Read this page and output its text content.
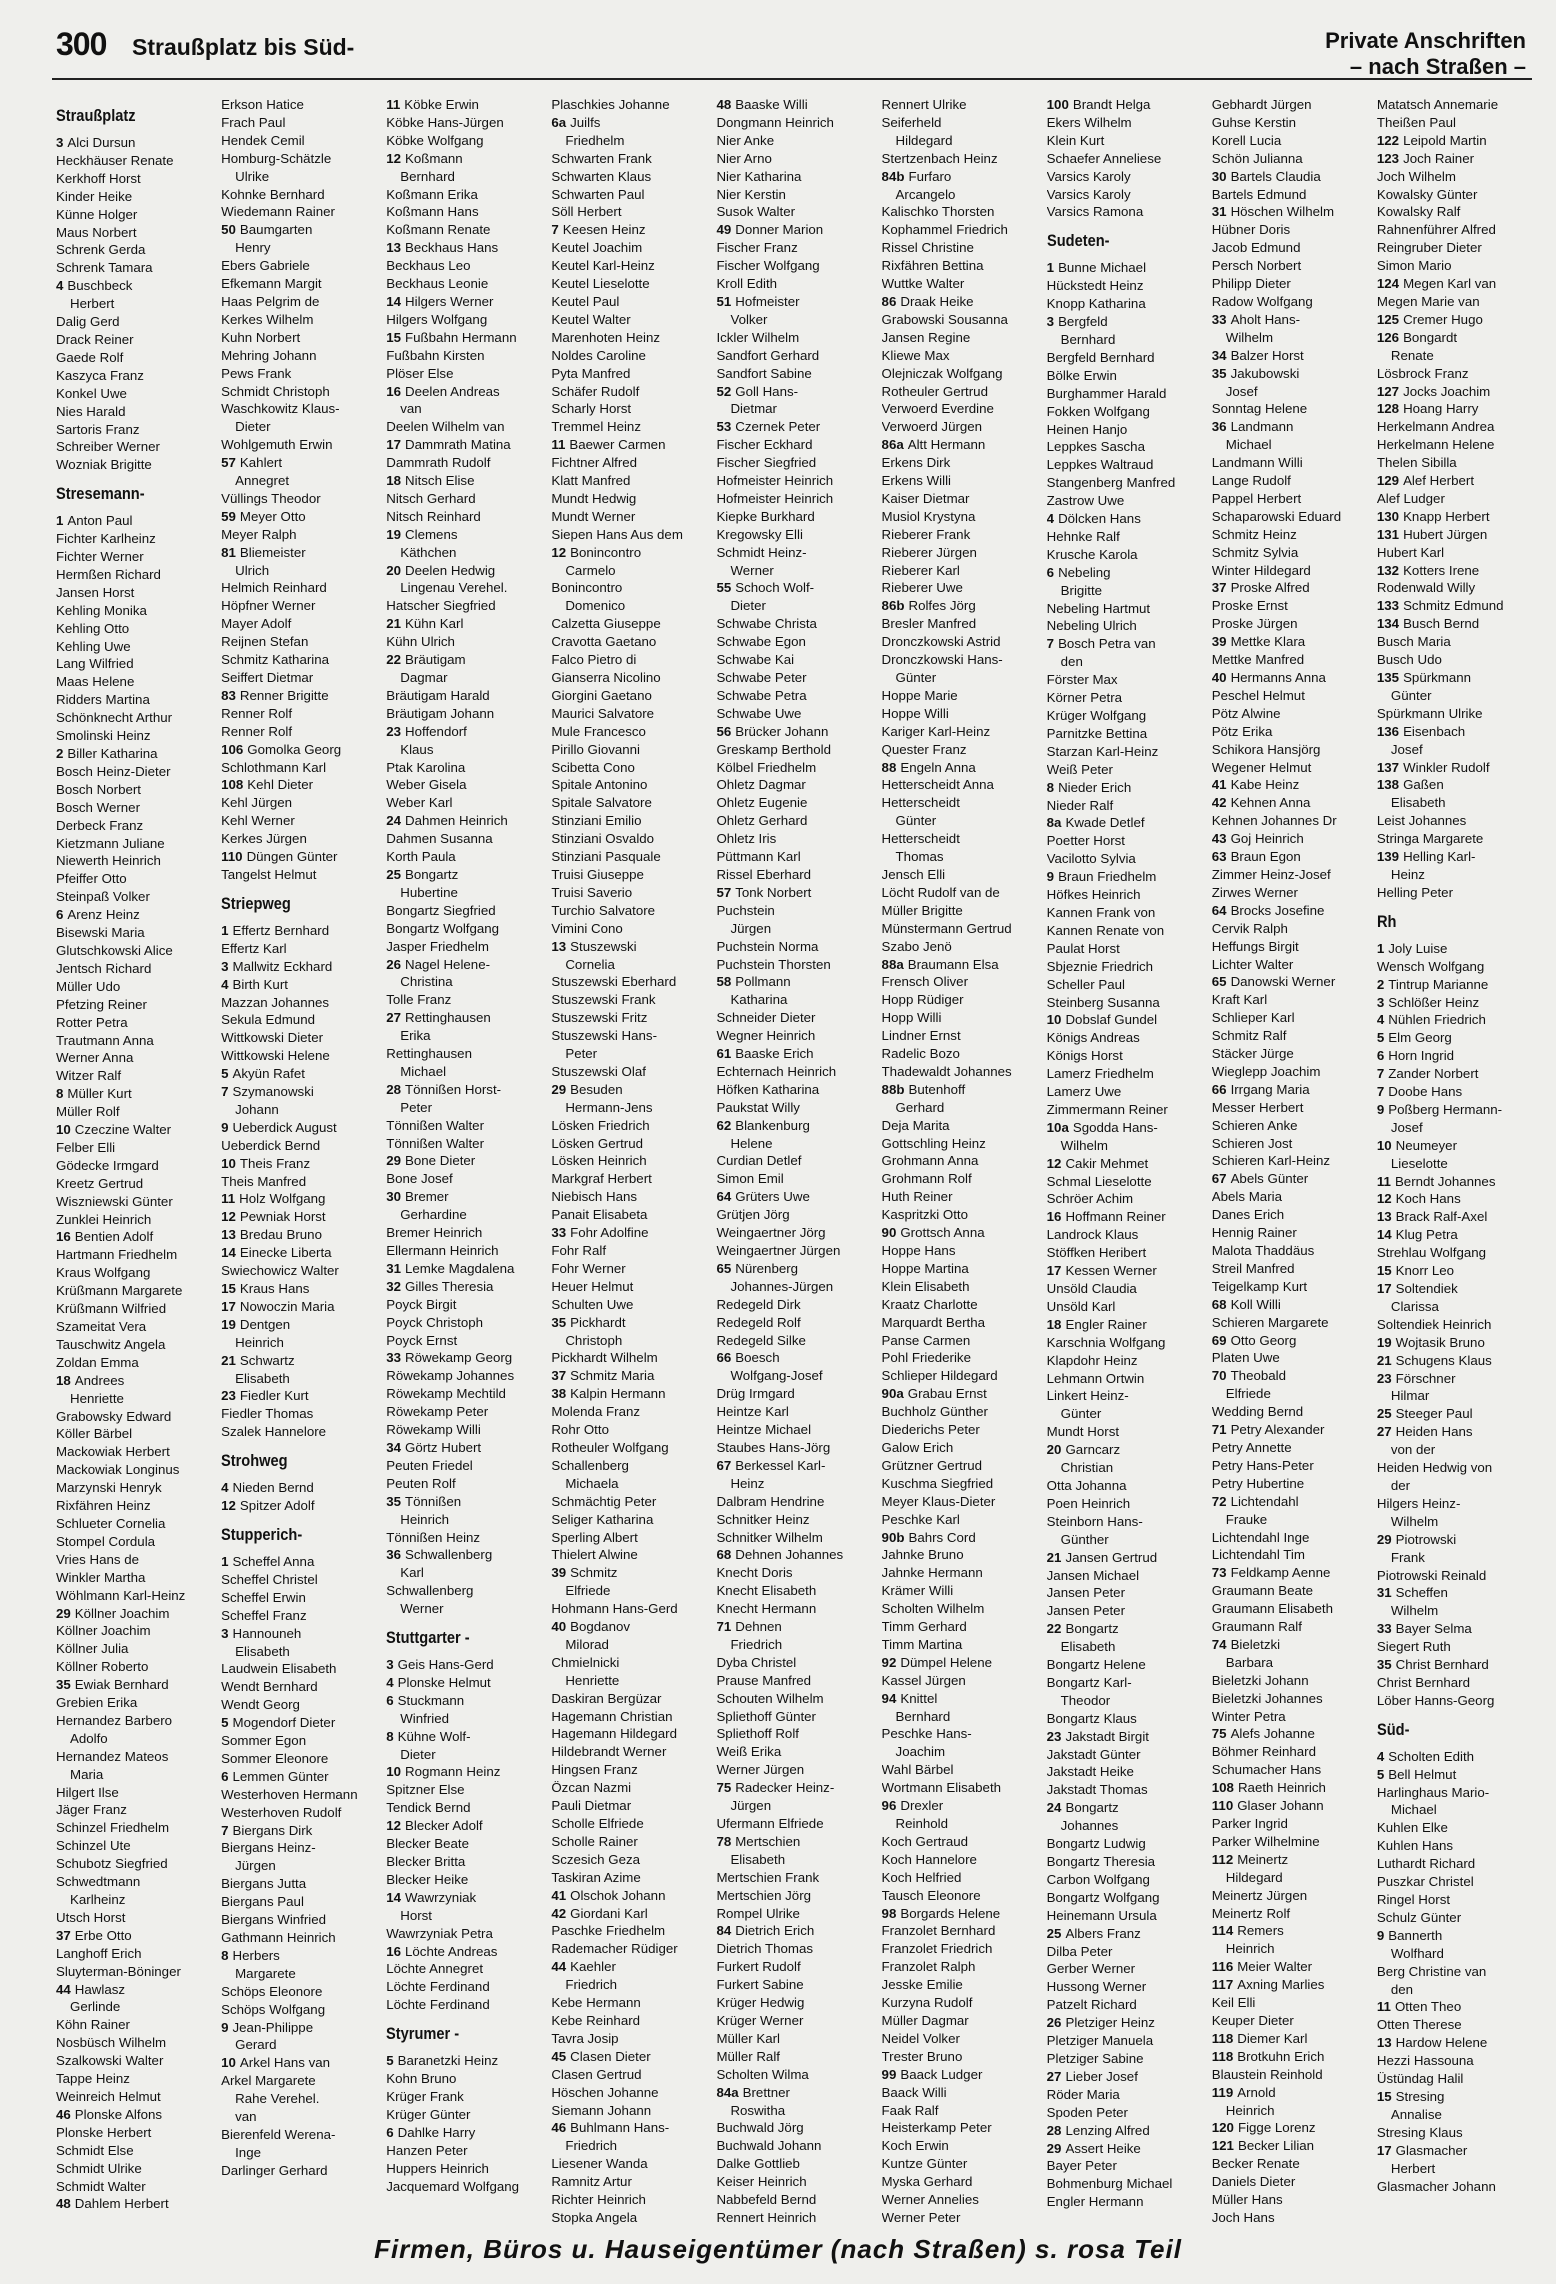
300 Straußplatz bis Süd-	Private Anschriften
– nach Straßen –
Straußplatz
3 Alci Dursun
Heckhäuser Renate
Kerkhoff Horst
Kinder Heike
Künne Holger
Maus Norbert
Schrenk Gerda
Schrenk Tamara
4 Buschbeck
Herbert
Dalig Gerd
Drack Reiner
Gaede Rolf
Kaszyca Franz
Konkel Uwe
Nies Harald
Sartoris Franz
Schreiber Werner
Wozniak Brigitte
Stresemann-
1 Anton Paul
Fichter Karlheinz
Fichter Werner
Hermßen Richard
Jansen Horst
Kehling Monika
Kehling Otto
Kehling Uwe
Lang Wilfried
Maas Helene
Ridders Martina
Schönknecht Arthur
Smolinski Heinz
2 Biller Katharina
Bosch Heinz-Dieter
Bosch Norbert
Bosch Werner
Derbeck Franz
Kietzmann Juliane
Niewerth Heinrich
Pfeiffer Otto
Steinpaß Volker
6 Arenz Heinz
Bisewski Maria
Glutschkowski Alice
Jentsch Richard
Müller Udo
Pfetzing Reiner
Rotter Petra
Trautmann Anna
Werner Anna
Witzer Ralf
8 Müller Kurt
Müller Rolf
10 Czeczine Walter
Felber Elli
Gödecke Irmgard
Kreetz Gertrud
Wiszniewski Günter
Zunklei Heinrich
16 Bentien Adolf
Hartmann Friedhelm
Kraus Wolfgang
Krüßmann Margarete
Krüßmann Wilfried
Szameitat Vera
Tauschwitz Angela
Zoldan Emma
18 Andrees
Henriette
Grabowsky Edward
Köller Bärbel
Mackowiak Herbert
Mackowiak Longinus
Marzynski Henryk
Rixfähren Heinz
Schlueter Cornelia
Stompel Cordula
Vries Hans de
Winkler Martha
Wöhlmann Karl-Heinz
29 Köllner Joachim
Köllner Joachim
Köllner Julia
Köllner Roberto
35 Ewiak Bernhard
Grebien Erika
Hernandez Barbero
Adolfo
Hernandez Mateos
Maria
Hilgert Ilse
Jäger Franz
Schinzel Friedhelm
Schinzel Ute
Schubotz Siegfried
Schwedtmann
Karlheinz
Utsch Horst
37 Erbe Otto
Langhoff Erich
Sluyterman-Böninger
44 Hawlasz
Gerlinde
Köhn Rainer
Nosbüsch Wilhelm
Szalkowski Walter
Tappe Heinz
Weinreich Helmut
46 Plonske Alfons
Plonske Herbert
Schmidt Else
Schmidt Ulrike
Schmidt Walter
48 Dahlem Herbert
Erkson Hatice
Frach Paul
Hendek Cemil
Homburg-Schätzle
Ulrike
Kohnke Bernhard
Wiedemann Rainer
50 Baumgarten
Henry
Ebers Gabriele
Efkemann Margit
Haas Pelgrim de
Kerkes Wilhelm
Kuhn Norbert
Mehring Johann
Pews Frank
Schmidt Christoph
Waschkowitz Klaus-
Dieter
Wohlgemuth Erwin
57 Kahlert
Annegret
Vüllings Theodor
59 Meyer Otto
Meyer Ralph
81 Bliemeister
Ulrich
Helmich Reinhard
Höpfner Werner
Mayer Adolf
Reijnen Stefan
Schmitz Katharina
Seiffert Dietmar
83 Renner Brigitte
Renner Rolf
Renner Rolf
106 Gomolka Georg
Schlothmann Karl
108 Kehl Dieter
Kehl Jürgen
Kehl Werner
Kerkes Jürgen
110 Düngen Günter
Tangelst Helmut
Striepweg
1 Effertz Bernhard
Effertz Karl
3 Mallwitz Eckhard
4 Birth Kurt
Mazzan Johannes
Sekula Edmund
Wittkowski Dieter
Wittkowski Helene
5 Akyün Rafet
7 Szymanowski
Johann
9 Ueberdick August
Ueberdick Bernd
10 Theis Franz
Theis Manfred
11 Holz Wolfgang
12 Pewniak Horst
13 Bredau Bruno
14 Einecke Liberta
Swiechowicz Walter
15 Kraus Hans
17 Nowoczin Maria
19 Dentgen
Heinrich
21 Schwartz
Elisabeth
23 Fiedler Kurt
Fiedler Thomas
Szalek Hannelore
Strohweg
4 Nieden Bernd
12 Spitzer Adolf
Stupperich-
1 Scheffel Anna
Scheffel Christel
Scheffel Erwin
Scheffel Franz
3 Hannouneh
Elisabeth
Laudwein Elisabeth
Wendt Bernhard
Wendt Georg
5 Mogendorf Dieter
Sommer Egon
Sommer Eleonore
6 Lemmen Günter
Westerhoven Hermann
Westerhoven Rudolf
7 Biergans Dirk
Biergans Heinz-
Jürgen
Biergans Jutta
Biergans Paul
Biergans Winfried
Gathmann Heinrich
8 Herbers
Margarete
Schöps Eleonore
Schöps Wolfgang
9 Jean-Philippe
Gerard
10 Arkel Hans van
Arkel Margarete
Rahe Verehel.
van
Bierenfeld Werena-
Inge
Darlinger Gerhard
11 Köbke Erwin
Köbke Hans-Jürgen
Köbke Wolfgang
12 Koßmann
Bernhard
Koßmann Erika
Koßmann Hans
Koßmann Renate
13 Beckhaus Hans
Beckhaus Leo
Beckhaus Leonie
14 Hilgers Werner
Hilgers Wolfgang
15 Fußbahn Hermann
Fußbahn Kirsten
Plöser Else
16 Deelen Andreas
van
Deelen Wilhelm van
17 Dammrath Matina
Dammrath Rudolf
18 Nitsch Elise
Nitsch Gerhard
Nitsch Reinhard
19 Clemens
Käthchen
20 Deelen Hedwig
Lingenau Verehel.
Hatscher Siegfried
21 Kühn Karl
Kühn Ulrich
22 Bräutigam
Dagmar
Bräutigam Harald
Bräutigam Johann
23 Hoffendorf
Klaus
Ptak Karolina
Weber Gisela
Weber Karl
24 Dahmen Heinrich
Dahmen Susanna
Korth Paula
25 Bongartz
Hubertine
Bongartz Siegfried
Bongartz Wolfgang
Jasper Friedhelm
26 Nagel Helene-
Christina
Tolle Franz
27 Rettinghausen
Erika
Rettinghausen
Michael
28 Tönnißen Horst-
Peter
Tönnißen Walter
Tönnißen Walter
29 Bone Dieter
Bone Josef
30 Bremer
Gerhardine
Bremer Heinrich
Ellermann Heinrich
31 Lemke Magdalena
32 Gilles Theresia
Poyck Birgit
Poyck Christoph
Poyck Ernst
33 Röwekamp Georg
Röwekamp Johannes
Röwekamp Mechtild
Röwekamp Peter
Röwekamp Willi
34 Görtz Hubert
Peuten Friedel
Peuten Rolf
35 Tönnißen
Heinrich
Tönnißen Heinz
36 Schwallenberg
Karl
Schwallenberg
Werner
Stuttgarter -
3 Geis Hans-Gerd
4 Plonske Helmut
6 Stuckmann
Winfried
8 Kühne Wolf-
Dieter
10 Rogmann Heinz
Spitzner Else
Tendick Bernd
12 Blecker Adolf
Blecker Beate
Blecker Britta
Blecker Heike
14 Wawrzyniak
Horst
Wawrzyniak Petra
16 Löchte Andreas
Löchte Annegret
Löchte Ferdinand
Löchte Ferdinand
Styrumer -
5 Baranetzki Heinz
Kohn Bruno
Krüger Frank
Krüger Günter
6 Dahlke Harry
Hanzen Peter
Huppers Heinrich
Jacquemard Wolfgang
Plaschkies Johanne
6a Juilfs
Friedhelm
Schwarten Frank
Schwarten Klaus
Schwarten Paul
Söll Herbert
7 Keesen Heinz
Keutel Joachim
Keutel Karl-Heinz
Keutel Lieselotte
Keutel Paul
Keutel Walter
Marenhoten Heinz
Noldes Caroline
Pyta Manfred
Schäfer Rudolf
Scharly Horst
Tremmel Heinz
11 Baewer Carmen
Fichtner Alfred
Klatt Manfred
Mundt Hedwig
Mundt Werner
Siepen Hans Aus dem
12 Bonincontro
Carmelo
Bonincontro
Domenico
Calzetta Giuseppe
Cravotta Gaetano
Falco Pietro di
Gianserra Nicolino
Giorgini Gaetano
Maurici Salvatore
Mule Francesco
Pirillo Giovanni
Scibetta Cono
Spitale Antonino
Spitale Salvatore
Stinziani Emilio
Stinziani Osvaldo
Stinziani Pasquale
Truisi Giuseppe
Truisi Saverio
Turchio Salvatore
Vimini Cono
13 Stuszewski
Cornelia
Stuszewski Eberhard
Stuszewski Frank
Stuszewski Fritz
Stuszewski Hans-
Peter
Stuszewski Olaf
29 Besuden
Hermann-Jens
Lösken Friedrich
Lösken Gertrud
Lösken Heinrich
Markgraf Herbert
Niebisch Hans
Panait Elisabeta
33 Fohr Adolfine
Fohr Ralf
Fohr Werner
Heuer Helmut
Schulten Uwe
35 Pickhardt
Christoph
Pickhardt Wilhelm
37 Schmitz Maria
38 Kalpin Hermann
Molenda Franz
Rohr Otto
Rotheuler Wolfgang
Schallenberg
Michaela
Schmächtig Peter
Seliger Katharina
Sperling Albert
Thielert Alwine
39 Schmitz
Elfriede
Hohmann Hans-Gerd
40 Bogdanov
Milorad
Chmielnicki
Henriette
Daskiran Bergüzar
Hagemann Christian
Hagemann Hildegard
Hildebrandt Werner
Hingsen Franz
Özcan Nazmi
Pauli Dietmar
Scholle Elfriede
Scholle Rainer
Sczesich Geza
Taskiran Azime
41 Olschok Johann
42 Giordani Karl
Paschke Friedhelm
Rademacher Rüdiger
44 Kaehler
Friedrich
Kebe Hermann
Kebe Reinhard
Tavra Josip
45 Clasen Dieter
Clasen Gertrud
Höschen Johanne
Siemann Johann
46 Buhlmann Hans-
Friedrich
Liesener Wanda
Ramnitz Artur
Richter Heinrich
Stopka Angela
48 Baaske Willi
Dongmann Heinrich
Nier Anke
Nier Arno
Nier Katharina
Nier Kerstin
Susok Walter
49 Donner Marion
Fischer Franz
Fischer Wolfgang
Kroll Edith
51 Hofmeister
Volker
Ickler Wilhelm
Sandfort Gerhard
Sandfort Sabine
52 Goll Hans-
Dietmar
53 Czernek Peter
Fischer Eckhard
Fischer Siegfried
Hofmeister Heinrich
Hofmeister Heinrich
Kiepke Burkhard
Kregowsky Elli
Schmidt Heinz-
Werner
55 Schoch Wolf-
Dieter
Schwabe Christa
Schwabe Egon
Schwabe Kai
Schwabe Peter
Schwabe Petra
Schwabe Uwe
56 Brücker Johann
Greskamp Berthold
Kölbel Friedhelm
Ohletz Dagmar
Ohletz Eugenie
Ohletz Gerhard
Ohletz Iris
Püttmann Karl
Rissel Eberhard
57 Tonk Norbert
Puchstein
Jürgen
Puchstein Norma
Puchstein Thorsten
58 Pollmann
Katharina
Schneider Dieter
Wegner Heinrich
61 Baaske Erich
Echternach Heinrich
Höfken Katharina
Paukstat Willy
62 Blankenburg
Helene
Curdian Detlef
Simon Emil
64 Grüters Uwe
Grütjen Jörg
Weingaertner Jörg
Weingaertner Jürgen
65 Nürenberg
Johannes-Jürgen
Redegeld Dirk
Redegeld Rolf
Redegeld Silke
66 Boesch
Wolfgang-Josef
Drüg Irmgard
Heintze Karl
Heintze Michael
Staubes Hans-Jörg
67 Berkessel Karl-
Heinz
Dalbram Hendrine
Schnitker Heinz
Schnitker Wilhelm
68 Dehnen Johannes
Knecht Doris
Knecht Elisabeth
Knecht Hermann
71 Dehnen
Friedrich
Dyba Christel
Prause Manfred
Schouten Wilhelm
Spliethoff Günter
Spliethoff Rolf
Weiß Erika
Werner Jürgen
75 Radecker Heinz-
Jürgen
Ufermann Elfriede
78 Mertschien
Elisabeth
Mertschien Frank
Mertschien Jörg
Rompel Ulrike
84 Dietrich Erich
Dietrich Thomas
Furkert Rudolf
Furkert Sabine
Krüger Hedwig
Krüger Werner
Müller Karl
Müller Ralf
Scholten Wilma
84a Brettner
Roswitha
Buchwald Jörg
Buchwald Johann
Dalke Gottlieb
Keiser Heinrich
Nabbefeld Bernd
Rennert Heinrich
Rennert Ulrike
Seiferheld
Hildegard
Stertzenbach Heinz
84b Furfaro
Arcangelo
Kalischko Thorsten
Kophammel Friedrich
Rissel Christine
Rixfähren Bettina
Wuttke Walter
86 Draak Heike
Grabowski Sousanna
Jansen Regine
Kliewe Max
Olejniczak Wolfgang
Rotheuler Gertrud
Verwoerd Everdine
Verwoerd Jürgen
86a Altt Hermann
Erkens Dirk
Erkens Willi
Kaiser Dietmar
Musiol Krystyna
Rieberer Frank
Rieberer Jürgen
Rieberer Karl
Rieberer Uwe
86b Rolfes Jörg
Bresler Manfred
Dronczkowski Astrid
Dronczkowski Hans-
Günter
Hoppe Marie
Hoppe Willi
Kariger Karl-Heinz
Quester Franz
88 Engeln Anna
Hetterscheidt Anna
Hetterscheidt
Günter
Hetterscheidt
Thomas
Jensch Elli
Löcht Rudolf van de
Müller Brigitte
Münstermann Gertrud
Szabo Jenö
88a Braumann Elsa
Frensch Oliver
Hopp Rüdiger
Hopp Willi
Lindner Ernst
Radelic Bozo
Thadewaldt Johannes
88b Butenhoff
Gerhard
Deja Marita
Gottschling Heinz
Grohmann Anna
Grohmann Rolf
Huth Reiner
Kaspritzki Otto
90 Grottsch Anna
Hoppe Hans
Hoppe Martina
Klein Elisabeth
Kraatz Charlotte
Marquardt Bertha
Panse Carmen
Pohl Friederike
Schlieper Hildegard
90a Grabau Ernst
Buchholz Günther
Diederichs Peter
Galow Erich
Grützner Gertrud
Kuschma Siegfried
Meyer Klaus-Dieter
Peschke Karl
90b Bahrs Cord
Jahnke Bruno
Jahnke Hermann
Krämer Willi
Scholten Wilhelm
Timm Gerhard
Timm Martina
92 Dümpel Helene
Kassel Jürgen
94 Knittel
Bernhard
Peschke Hans-
Joachim
Wahl Bärbel
Wortmann Elisabeth
96 Drexler
Reinhold
Koch Gertraud
Koch Hannelore
Koch Helfried
Tausch Eleonore
98 Borgards Helene
Franzolet Bernhard
Franzolet Friedrich
Franzolet Ralph
Jesske Emilie
Kurzyna Rudolf
Müller Dagmar
Neidel Volker
Trester Bruno
99 Baack Ludger
Baack Willi
Faak Ralf
Heisterkamp Peter
Koch Erwin
Kuntze Günter
Myska Gerhard
Werner Annelies
Werner Peter
100 Brandt Helga
Ekers Wilhelm
Klein Kurt
Schaefer Anneliese
Varsics Karoly
Varsics Karoly
Varsics Ramona
Sudeten-
1 Bunne Michael
Hückstedt Heinz
Knopp Katharina
3 Bergfeld
Bernhard
Bergfeld Bernhard
Bölke Erwin
Burghammer Harald
Fokken Wolfgang
Heinen Hanjo
Leppkes Sascha
Leppkes Waltraud
Stangenberg Manfred
Zastrow Uwe
4 Dölcken Hans
Hehnke Ralf
Krusche Karola
6 Nebeling
Brigitte
Nebeling Hartmut
Nebeling Ulrich
7 Bosch Petra van
den
Förster Max
Körner Petra
Krüger Wolfgang
Parnitzke Bettina
Starzan Karl-Heinz
Weiß Peter
8 Nieder Erich
Nieder Ralf
8a Kwade Detlef
Poetter Horst
Vacilotto Sylvia
9 Braun Friedhelm
Höfkes Heinrich
Kannen Frank von
Kannen Renate von
Paulat Horst
Sbjeznie Friedrich
Scheller Paul
Steinberg Susanna
10 Dobslaf Gundel
Königs Andreas
Königs Horst
Lamerz Friedhelm
Lamerz Uwe
Zimmermann Reiner
10a Sgodda Hans-
Wilhelm
12 Cakir Mehmet
Schmal Lieselotte
Schröer Achim
16 Hoffmann Reiner
Landrock Klaus
Stöffken Heribert
17 Kessen Werner
Unsöld Claudia
Unsöld Karl
18 Engler Rainer
Karschnia Wolfgang
Klapdohr Heinz
Lehmann Ortwin
Linkert Heinz-
Günter
Mundt Horst
20 Garncarz
Christian
Otta Johanna
Poen Heinrich
Steinborn Hans-
Günther
21 Jansen Gertrud
Jansen Michael
Jansen Peter
Jansen Peter
22 Bongartz
Elisabeth
Bongartz Helene
Bongartz Karl-
Theodor
Bongartz Klaus
23 Jakstadt Birgit
Jakstadt Günter
Jakstadt Heike
Jakstadt Thomas
24 Bongartz
Johannes
Bongartz Ludwig
Bongartz Theresia
Carbon Wolfgang
Bongartz Wolfgang
Heinemann Ursula
25 Albers Franz
Dilba Peter
Gerber Werner
Hussong Werner
Patzelt Richard
26 Pletziger Heinz
Pletziger Manuela
Pletziger Sabine
27 Lieber Josef
Röder Maria
Spoden Peter
28 Lenzing Alfred
29 Assert Heike
Bayer Peter
Bohmenburg Michael
Engler Hermann
Gebhardt Jürgen
Guhse Kerstin
Korell Lucia
Schön Julianna
30 Bartels Claudia
Bartels Edmund
31 Höschen Wilhelm
Hübner Doris
Jacob Edmund
Persch Norbert
Philipp Dieter
Radow Wolfgang
33 Aholt Hans-
Wilhelm
34 Balzer Horst
35 Jakubowski
Josef
Sonntag Helene
36 Landmann
Michael
Landmann Willi
Lange Rudolf
Pappel Herbert
Schaparowski Eduard
Schmitz Heinz
Schmitz Sylvia
Winter Hildegard
37 Proske Alfred
Proske Ernst
Proske Jürgen
39 Mettke Klara
Mettke Manfred
40 Hermanns Anna
Peschel Helmut
Pötz Alwine
Pötz Erika
Schikora Hansjörg
Wegener Helmut
41 Kabe Heinz
42 Kehnen Anna
Kehnen Johannes Dr
43 Goj Heinrich
63 Braun Egon
Zimmer Heinz-Josef
Zirwes Werner
64 Brocks Josefine
Cervik Ralph
Heffungs Birgit
Lichter Walter
65 Danowski Werner
Kraft Karl
Schlieper Karl
Schmitz Ralf
Stäcker Jürge
Wieglepp Joachim
66 Irrgang Maria
Messer Herbert
Schieren Anke
Schieren Jost
Schieren Karl-Heinz
67 Abels Günter
Abels Maria
Danes Erich
Hennig Rainer
Malota Thaddäus
Streil Manfred
Teigelkamp Kurt
68 Koll Willi
Schieren Margarete
69 Otto Georg
Platen Uwe
70 Theobald
Elfriede
Wedding Bernd
71 Petry Alexander
Petry Annette
Petry Hans-Peter
Petry Hubertine
72 Lichtendahl
Frauke
Lichtendahl Inge
Lichtendahl Tim
73 Feldkamp Aenne
Graumann Beate
Graumann Elisabeth
Graumann Ralf
74 Bieletzki
Barbara
Bieletzki Johann
Bieletzki Johannes
Winter Petra
75 Alefs Johanne
Böhmer Reinhard
Schumacher Hans
108 Raeth Heinrich
110 Glaser Johann
Parker Ingrid
Parker Wilhelmine
112 Meinertz
Hildegard
Meinertz Jürgen
Meinertz Rolf
114 Remers
Heinrich
116 Meier Walter
117 Axning Marlies
Keil Elli
Keuper Dieter
118 Diemer Karl
118 Brotkuhn Erich
Blaustein Reinhold
119 Arnold
Heinrich
120 Figge Lorenz
121 Becker Lilian
Becker Renate
Daniels Dieter
Müller Hans
Joch Hans
Matatsch Annemarie
Theißen Paul
122 Leipold Martin
123 Joch Rainer
Joch Wilhelm
Kowalsky Günter
Kowalsky Ralf
Rahnenführer Alfred
Reingruber Dieter
Simon Mario
124 Megen Karl van
Megen Marie van
125 Cremer Hugo
126 Bongardt
Renate
Lösbrock Franz
127 Jocks Joachim
128 Hoang Harry
Herkelmann Andrea
Herkelmann Helene
Thelen Sibilla
129 Alef Herbert
Alef Ludger
130 Knapp Herbert
131 Hubert Jürgen
Hubert Karl
132 Kotters Irene
Rodenwald Willy
133 Schmitz Edmund
134 Busch Bernd
Busch Maria
Busch Udo
135 Spürkmann
Günter
Spürkmann Ulrike
136 Eisenbach
Josef
137 Winkler Rudolf
138 Gaßen
Elisabeth
Leist Johannes
Stringa Margarete
139 Helling Karl-
Heinz
Helling Peter
Rh
1 Joly Luise
Wensch Wolfgang
2 Tintrup Marianne
3 Schlößer Heinz
4 Nühlen Friedrich
5 Elm Georg
6 Horn Ingrid
7 Zander Norbert
7 Doobe Hans
9 Poßberg Hermann-
Josef
10 Neumeyer
Lieselotte
11 Berndt Johannes
12 Koch Hans
13 Brack Ralf-Axel
14 Klug Petra
Strehlau Wolfgang
15 Knorr Leo
17 Soltendiek
Clarissa
Soltendiek Heinrich
19 Wojtasik Bruno
21 Schugens Klaus
23 Förschner
Hilmar
25 Steeger Paul
27 Heiden Hans
von der
Heiden Hedwig von
der
Hilgers Heinz-
Wilhelm
29 Piotrowski
Frank
Piotrowski Reinald
31 Scheffen
Wilhelm
33 Bayer Selma
Siegert Ruth
35 Christ Bernhard
Christ Bernhard
Löber Hanns-Georg
Süd-
4 Scholten Edith
5 Bell Helmut
Harlinghaus Mario-
Michael
Kuhlen Elke
Kuhlen Hans
Luthardt Richard
Puszkar Christel
Ringel Horst
Schulz Günter
9 Bannerth
Wolfhard
Berg Christine van
den
11 Otten Theo
Otten Therese
13 Hardow Helene
Hezzi Hassouna
Üstündag Halil
15 Stresing
Annalise
Stresing Klaus
17 Glasmacher
Herbert
Glasmacher Johann
Firmen, Büros u. Hauseigentümer (nach Straßen) s. rosa Teil
